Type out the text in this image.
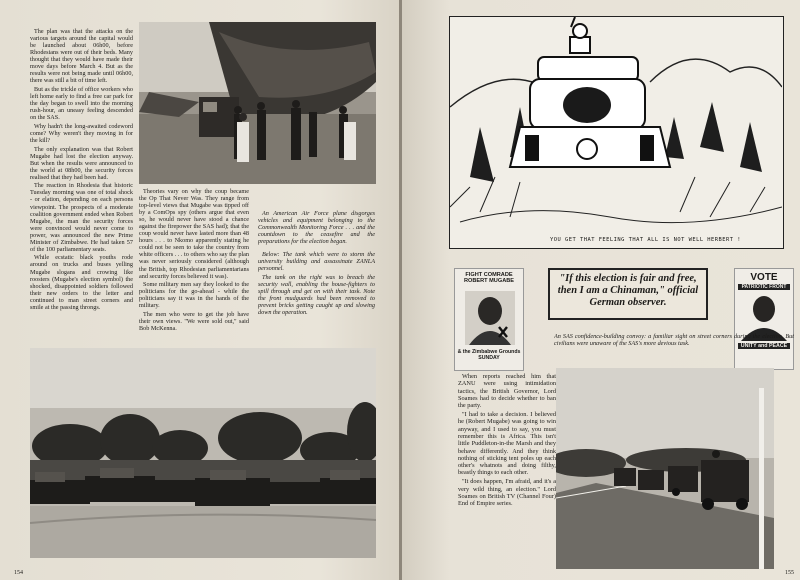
The plan was that the attacks on the various targets around the capital would be launched about 06h00, before Rhodesians were out of their beds. Many thought that they would have made their move days before March 4. But as the results were not being made until 06h00, there was still a bit of time left.

But as the trickle of office workers who left home early to find a free car park for the day began to swell into the morning rush-hour, an uneasy feeling descended on the SAS.

Why hadn't the long-awaited codeword come? Why weren't they moving in for the kill?

The only explanation was that Robert Mugabe had lost the election anyway. But when the results were announced to the world at 08h00, the security forces realised that they had been had.

The reaction in Rhodesia that historic Tuesday morning was one of total shock - or elation, depending on each persons viewpoint. The prospects of a moderate coalition government ended when Robert Mugabe, the man the security forces were convinced would never come to power, was announced the new Prime Minister of Zimbabwe. He had taken 57 of the 100 parliamentary seats.

While ecstatic black youths rode around on trucks and buses yelling Mugabe slogans and crowing like roosters (Mugabe's election symbol) the shocked, disappointed soldiers followed their new orders to the letter and continued to man street corners and smile at the passing throngs.

Theories vary on why the coup became the Op That Never Was. They range from top-level views that Mugabe was tipped off by a ComOps spy (others argue that even so, he would never have stood a chance against the firepower the SAS had); that the coup would never have lasted more than 48 hours . . . to Nkomo apparently stating he could not be seen to take the country from white officers . . . to others who say the plan was never seriously considered (although the British, top Rhodesian parliamentarians and security forces believed it was).

Some military men say they looked to the politicians for the go-ahead - while the politicians say it was in the hands of the military.

The men who were to get the job have their own views. "We were sold out," said Bob McKenna.

An American Air Force plane disgorges vehicles and equipment belonging to the Commonwealth Monitoring Force . . . and the countdown to the ceasefire and the preparations for the election began.

Below: The tank which were to storm the university building and assassinate ZANLA personnel.

The tank on the right was to breach the security wall, enabling the house-fighters to spill through and get on with their task. Note the front mudguards had been removed to prevent bricks getting caught up and slowing down the operation.

154
YOU GET THAT FEELING THAT ALL IS NOT WELL HERBERT !
FIGHT COMRADE ROBERT MUGABE
& the Zimbabwe Grounds SUNDAY
"If this election is fair and free, then I am a Chinaman," official German observer.
VOTE
PATRIOTIC FRONT
UNITY and PEACE
An SAS confidence-building convoy: a familiar sight on street corners during the election. But civilians were unaware of the SAS's more devious task.

When reports reached him that ZANU were using intimidation tactics, the British Governor, Lord Soames had to decide whether to ban the party.

"I had to take a decision. I believed he (Robert Mugabe) was going to win anyway, and I used to say, you must remember this is Africa. This isn't little Puddleton-in-the Marsh and they behave differently. And they think nothing of sticking tent poles up each other's whatnots and doing filthy, beastly things to each other.

"It does happen, I'm afraid, and it's a very wild thing, an election." Lord Soames on British TV (Channel Four) End of Empire series.

155
